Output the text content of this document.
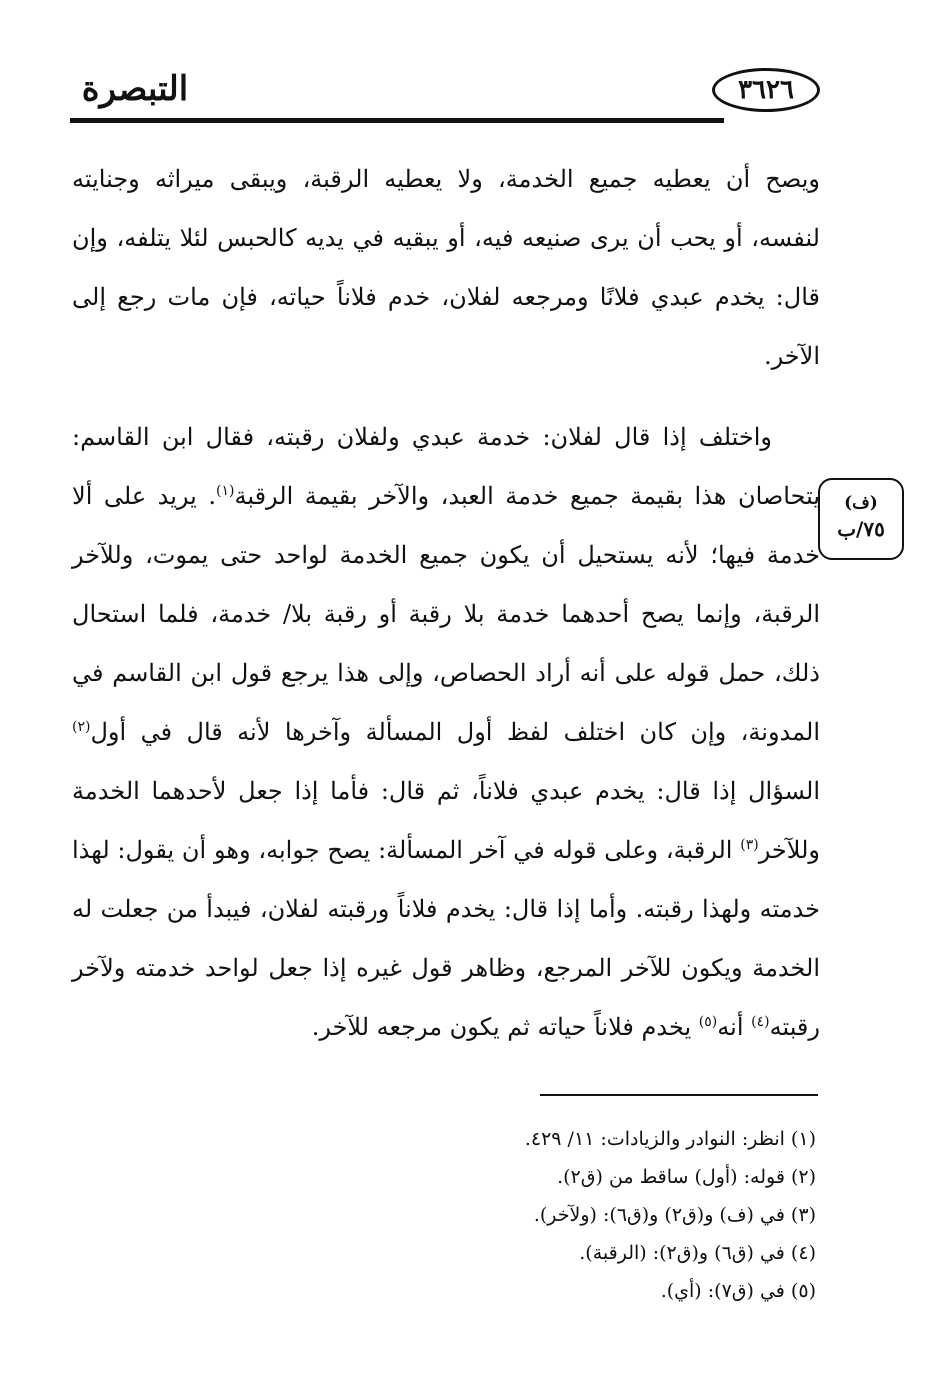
التبصرة	٣٦٢٦
(ف)
٧٥/ب

ويصح أن يعطيه جميع الخدمة، ولا يعطيه الرقبة، ويبقى ميراثه وجنايته لنفسه، أو يحب أن يرى صنيعه فيه، أو يبقيه في يديه كالحبس لئلا يتلفه، وإن قال: يخدم عبدي فلانًا ومرجعه لفلان، خدم فلاناً حياته، فإن مات رجع إلى الآخر.

واختلف إذا قال لفلان: خدمة عبدي ولفلان رقبته، فقال ابن القاسم: يتحاصان هذا بقيمة جميع خدمة العبد، والآخر بقيمة الرقبة$^{(١)}$. يريد على ألا خدمة فيها؛ لأنه يستحيل أن يكون جميع الخدمة لواحد حتى يموت، وللآخر الرقبة، وإنما يصح أحدهما خدمة بلا رقبة أو رقبة بلا/ خدمة، فلما استحال ذلك، حمل قوله على أنه أراد الحصاص، وإلى هذا يرجع قول ابن القاسم في المدونة، وإن كان اختلف لفظ أول المسألة وآخرها لأنه قال في أول$^{(٢)}$ السؤال إذا قال: يخدم عبدي فلاناً، ثم قال: فأما إذا جعل لأحدهما الخدمة وللآخر$^{(٣)}$ الرقبة، وعلى قوله في آخر المسألة: يصح جوابه، وهو أن يقول: لهذا خدمته ولهذا رقبته. وأما إذا قال: يخدم فلاناً ورقبته لفلان، فيبدأ من جعلت له الخدمة ويكون للآخر المرجع، وظاهر قول غيره إذا جعل لواحد خدمته ولآخر رقبته$^{(٤)}$ أنه$^{(٥)}$ يخدم فلاناً حياته ثم يكون مرجعه للآخر.

(١) انظر: النوادر والزيادات: ١١/ ٤٢٩.
(٢) قوله: (أول) ساقط من (ق٢).
(٣) في (ف) و(ق٢) و(ق٦): (ولآخر).
(٤) في (ق٦) و(ق٢): (الرقبة).
(٥) في (ق٧): (أي).
